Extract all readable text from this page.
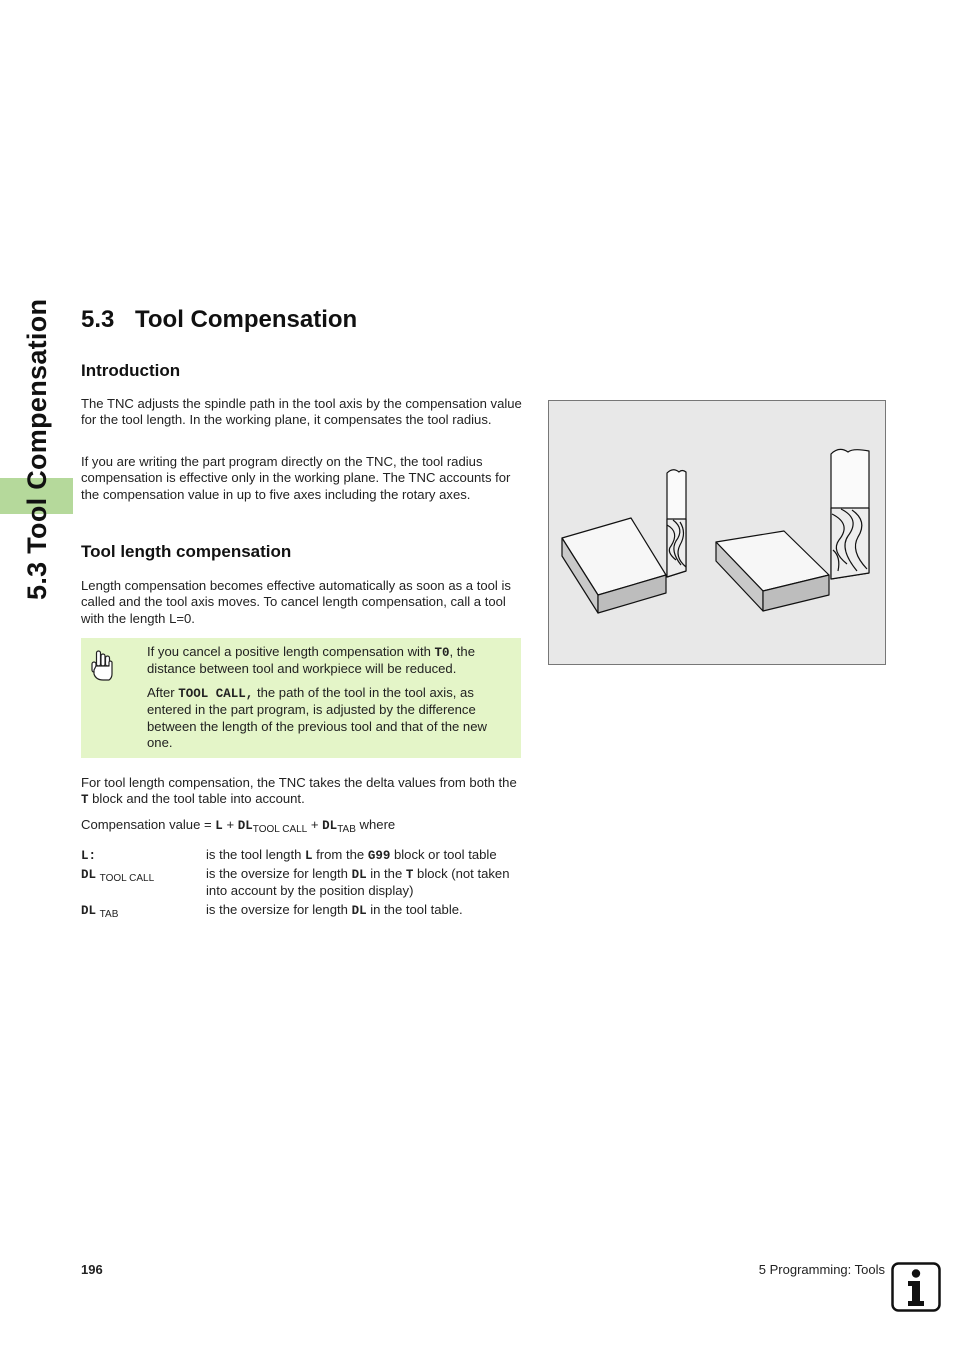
5.3 Tool Compensation 5.3 Tool Compensation
Introduction

The TNC adjusts the spindle path in the tool axis by the compensation value for the tool length. In the working plane, it compensates the tool radius.

If you are writing the part program directly on the TNC, the tool radius compensation is effective only in the working plane. The TNC accounts for the compensation value in up to five axes including the rotary axes.

Tool length compensation

Length compensation becomes effective automatically as soon as a tool is called and the tool axis moves. To cancel length compensation, call a tool with the length L=0.

If you cancel a positive length compensation with T0, the distance between tool and workpiece will be reduced.

After TOOL CALL, the path of the tool in the tool axis, as entered in the part program, is adjusted by the difference between the length of the previous tool and that of the new one.

For tool length compensation, the TNC takes the delta values from both the T block and the tool table into account.

Compensation value = $L + DL_{TOOL CALL} + DL_{TAB}$ where

L:	is the tool length L from the G99 block or tool table
DL $_{TOOL CALL}$	is the oversize for length DL in the T block (not taken into account by the position display)
DL $_{TAB}$	is the oversize for length DL in the tool table.
196	5 Programming: Tools
